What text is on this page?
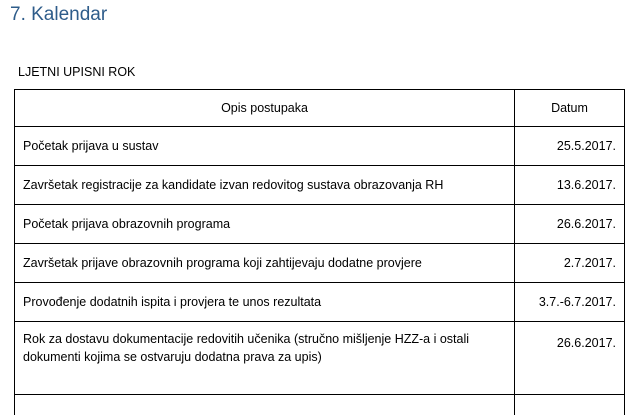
7. Kalendar
LJETNI UPISNI ROK
Opis postupaka	Datum
Početak prijava u sustav	25.5.2017.
Završetak registracije za kandidate izvan redovitog sustava obrazovanja RH	13.6.2017.
Početak prijava obrazovnih programa	26.6.2017.
Završetak prijave obrazovnih programa koji zahtijevaju dodatne provjere	2.7.2017.
Provođenje dodatnih ispita i provjera te unos rezultata	3.7.-6.7.2017.
Rok za dostavu dokumentacije redovitih učenika (stručno mišljenje HZZ-a i ostali dokumenti kojima se ostvaruju dodatna prava za upis)	26.6.2017.
